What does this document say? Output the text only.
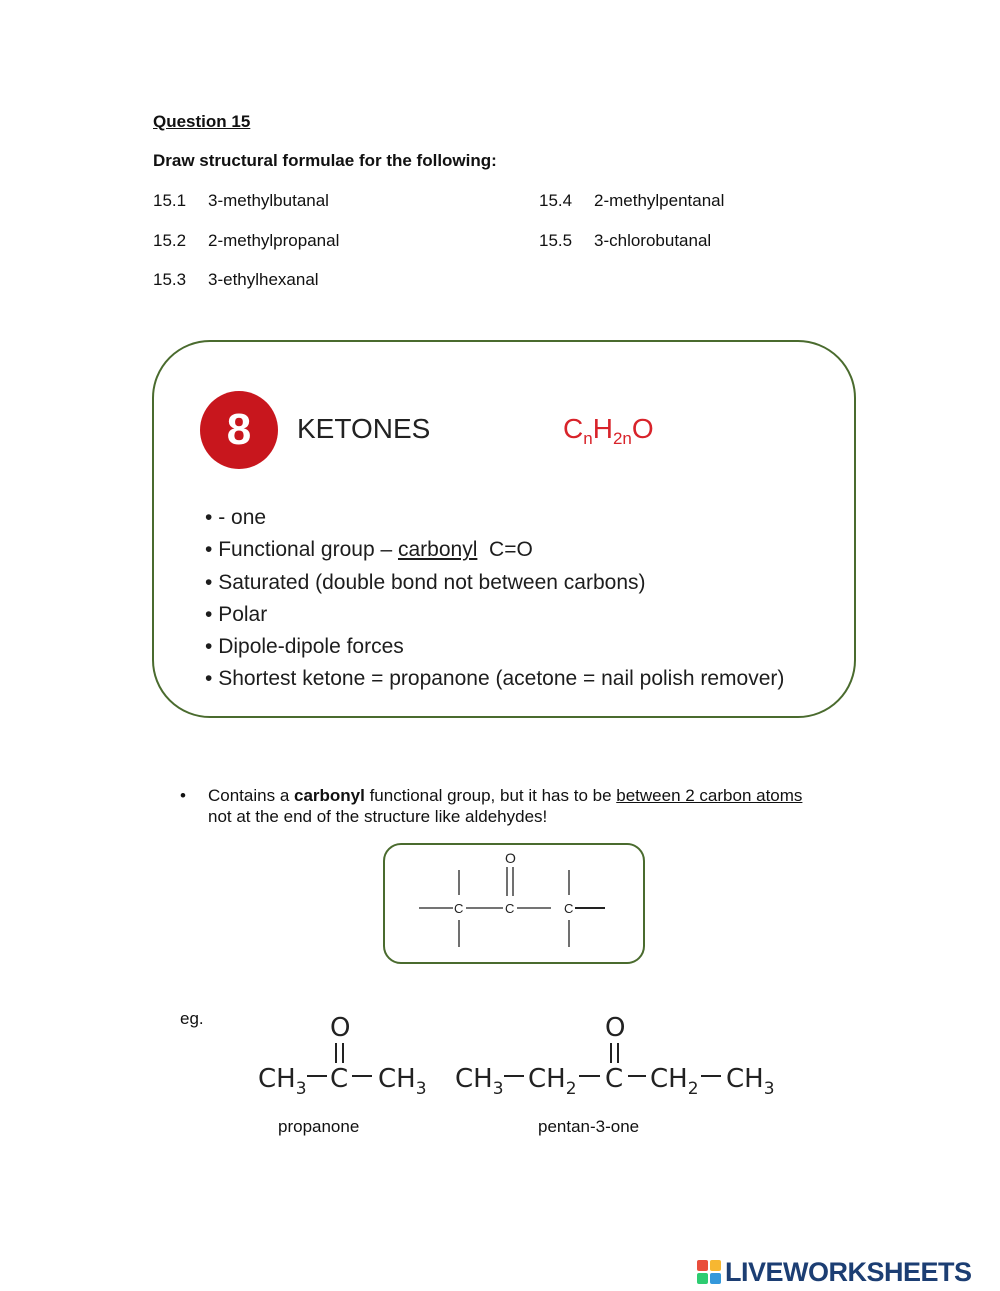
Question 15
Draw structural formulae for the following:
15.1 3-methylbutanal
15.2 2-methylpropanal
15.3 3-ethylhexanal
15.4 2-methylpentanal
15.5 3-chlorobutanal
8	KETONES	$C_nH_{2n}O$
• - one
• Functional group – carbonyl  C=O
• Saturated (double bond not between carbons)
• Polar
• Dipole-dipole forces
• Shortest ketone = propanone (acetone = nail polish remover)
• Contains a carbonyl functional group, but it has to be between 2 carbon atoms not at the end of the structure like aldehydes!
C	C	C
O
eg.	O
$CH_3$ C $CH_3$
O
$CH_3$ $CH_2$ C $CH_2$ $CH_3$
propanone	pentan-3-one
LIVEWORKSHEETS
